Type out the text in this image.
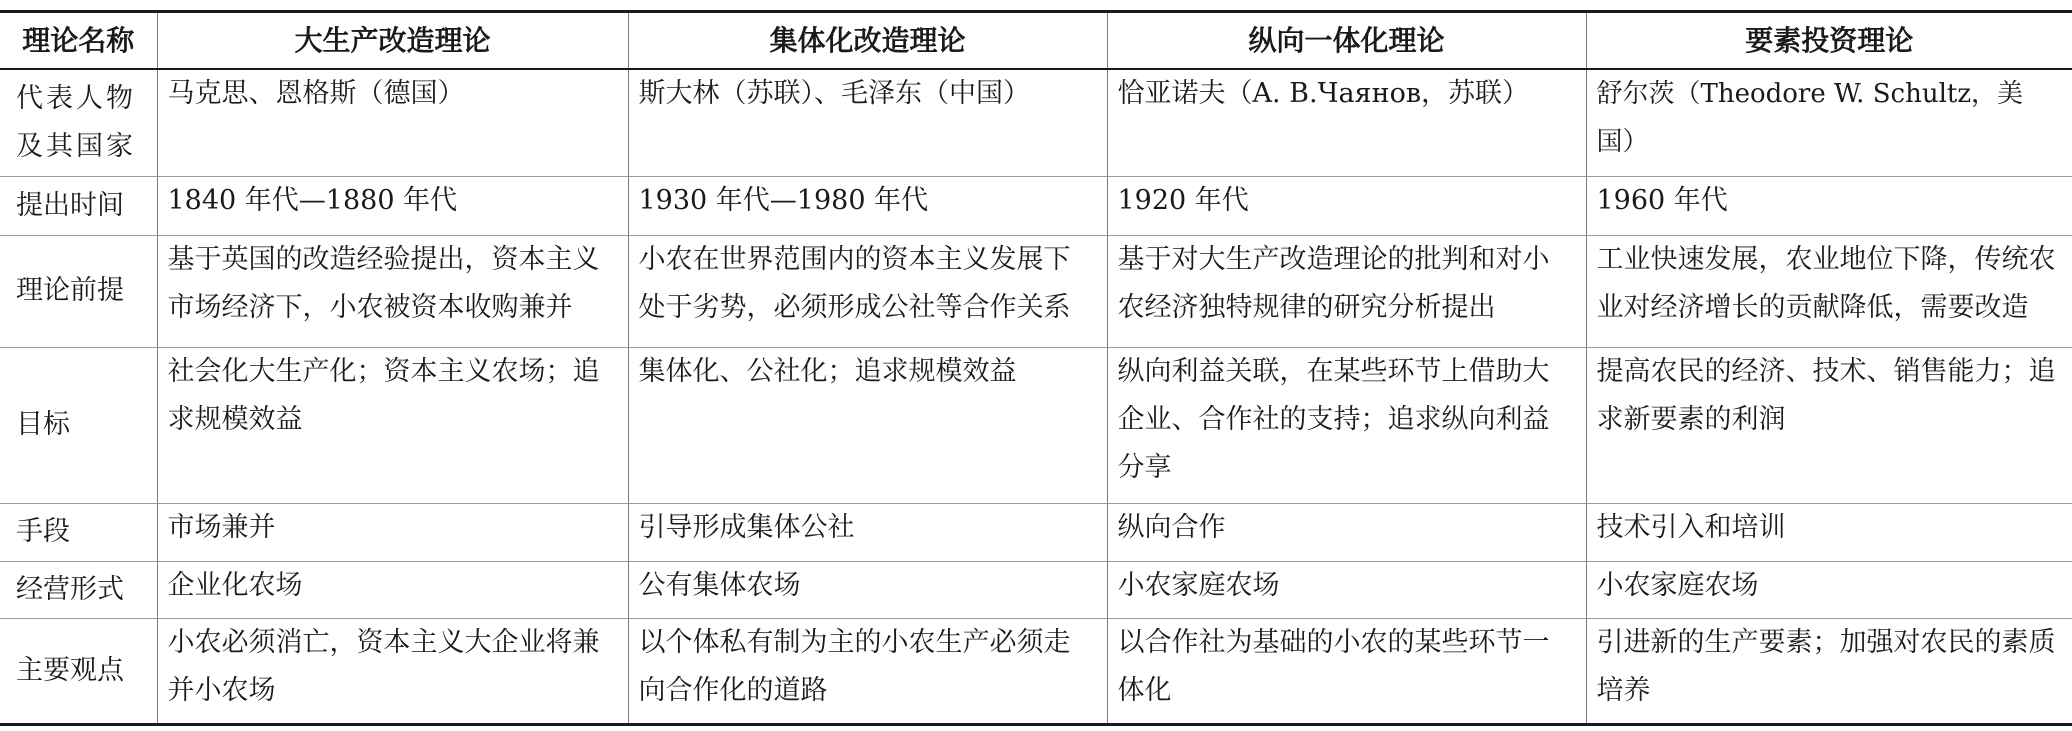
理论名称	大生产改造理论	集体化改造理论	纵向一体化理论	要素投资理论
代表人物及其国家	马克思、恩格斯（德国）	斯大林（苏联）、毛泽东（中国）	恰亚诺夫（A. B.Чаянов，苏联）	舒尔茨（Theodore W. Schultz，美国）
提出时间	1840 年代—1880 年代	1930 年代—1980 年代	1920 年代	1960 年代
理论前提	基于英国的改造经验提出，资本主义市场经济下，小农被资本收购兼并	小农在世界范围内的资本主义发展下处于劣势，必须形成公社等合作关系	基于对大生产改造理论的批判和对小农经济独特规律的研究分析提出	工业快速发展，农业地位下降，传统农业对经济增长的贡献降低，需要改造
目标	社会化大生产化；资本主义农场；追求规模效益	集体化、公社化；追求规模效益	纵向利益关联，在某些环节上借助大企业、合作社的支持；追求纵向利益分享	提高农民的经济、技术、销售能力；追求新要素的利润
手段	市场兼并	引导形成集体公社	纵向合作	技术引入和培训
经营形式	企业化农场	公有集体农场	小农家庭农场	小农家庭农场
主要观点	小农必须消亡，资本主义大企业将兼并小农场	以个体私有制为主的小农生产必须走向合作化的道路	以合作社为基础的小农的某些环节一体化	引进新的生产要素；加强对农民的素质培养
